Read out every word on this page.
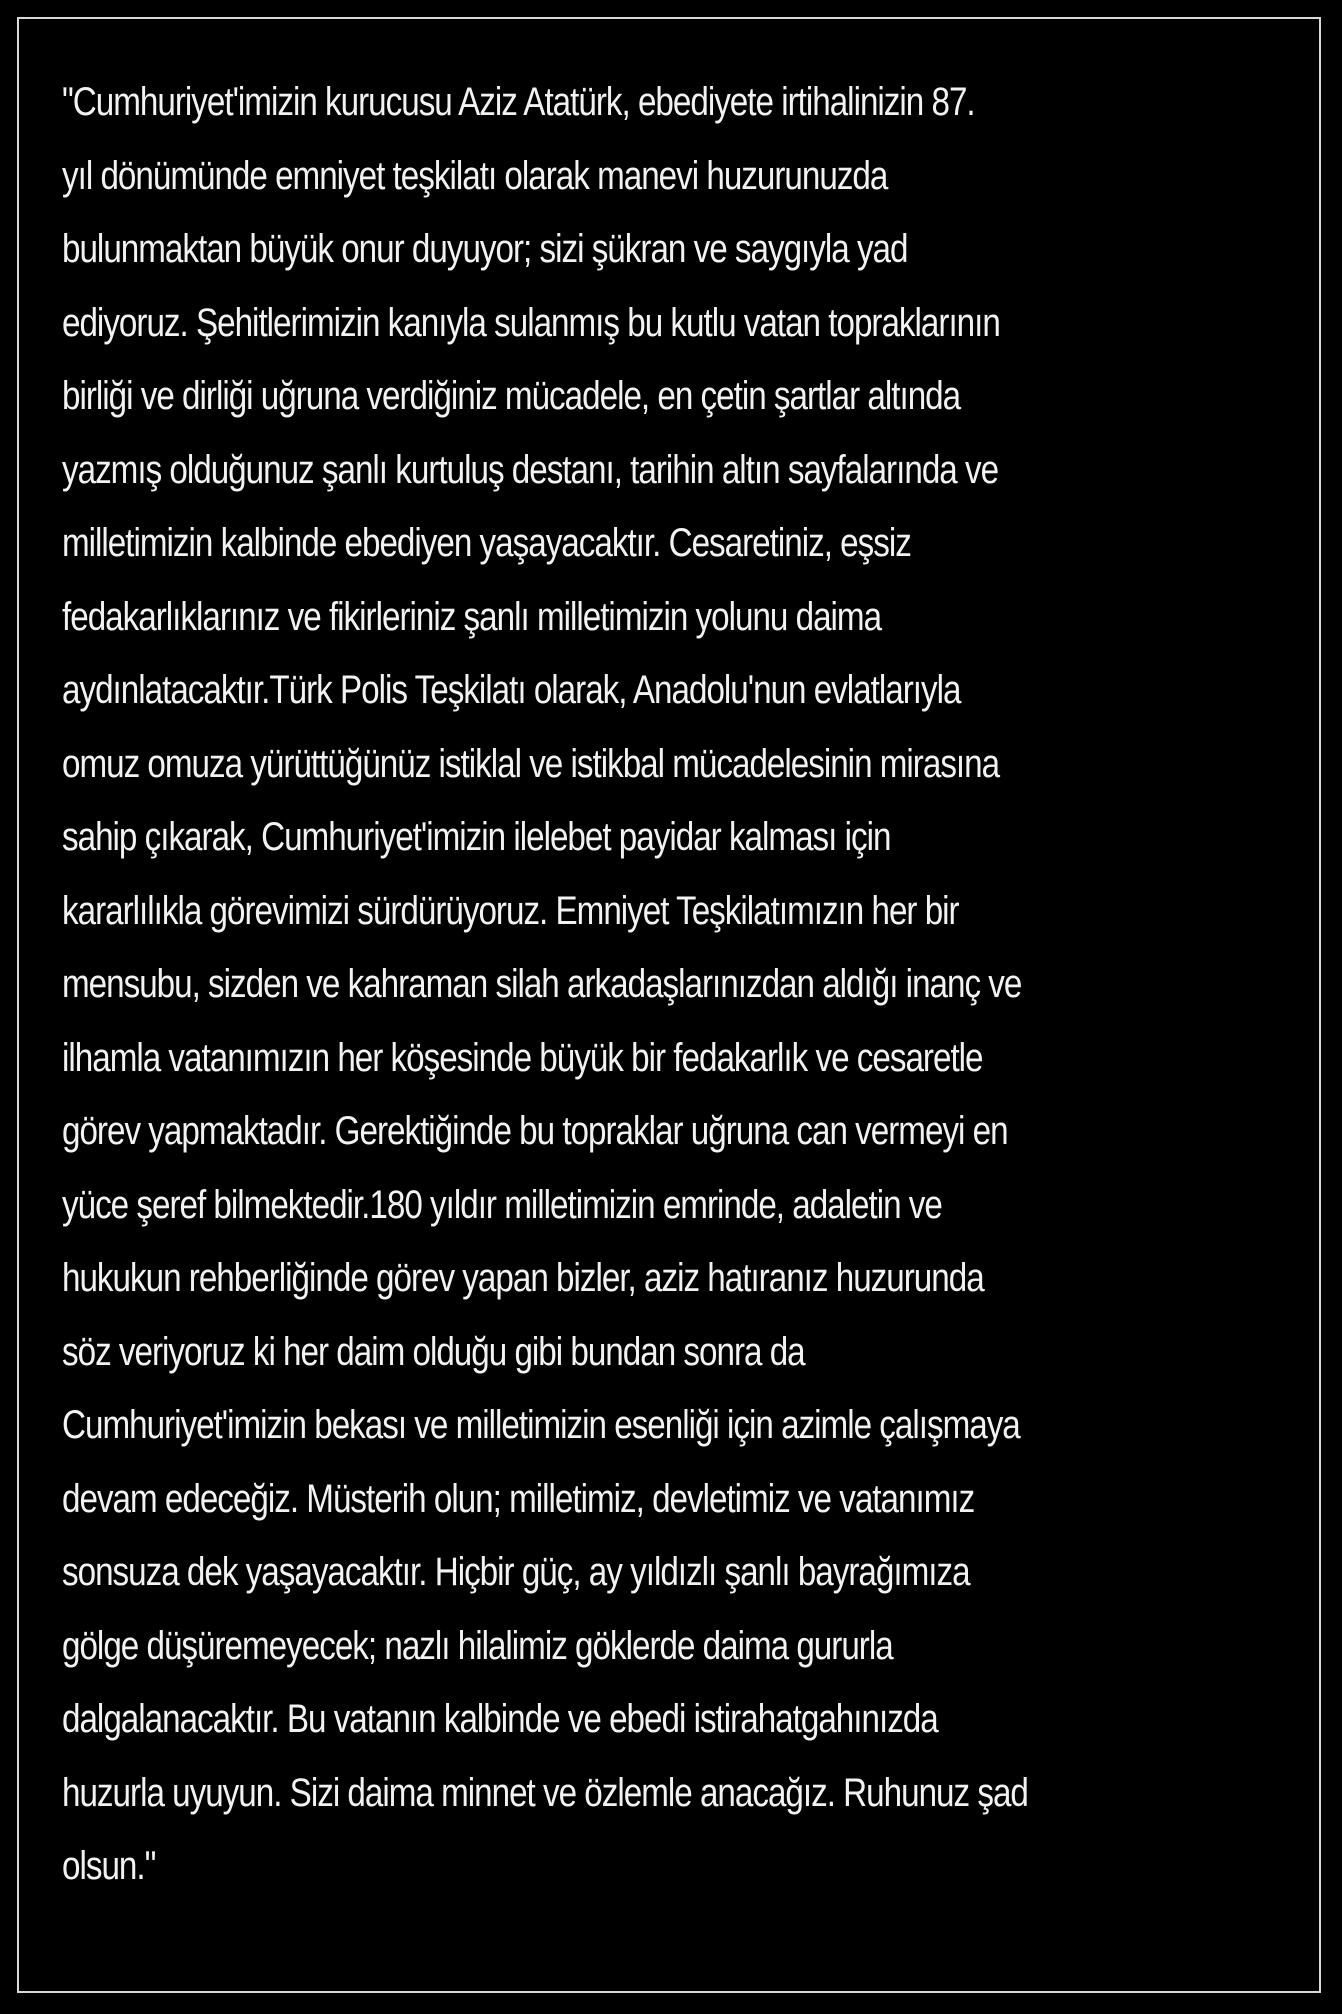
"Cumhuriyet'imizin kurucusu Aziz Atatürk, ebediyete irtihalinizin 87.
yıl dönümünde emniyet teşkilatı olarak manevi huzurunuzda
bulunmaktan büyük onur duyuyor; sizi şükran ve saygıyla yad
ediyoruz. Şehitlerimizin kanıyla sulanmış bu kutlu vatan topraklarının
birliği ve dirliği uğruna verdiğiniz mücadele, en çetin şartlar altında
yazmış olduğunuz şanlı kurtuluş destanı, tarihin altın sayfalarında ve
milletimizin kalbinde ebediyen yaşayacaktır. Cesaretiniz, eşsiz
fedakarlıklarınız ve fikirleriniz şanlı milletimizin yolunu daima
aydınlatacaktır.Türk Polis Teşkilatı olarak, Anadolu'nun evlatlarıyla
omuz omuza yürüttüğünüz istiklal ve istikbal mücadelesinin mirasına
sahip çıkarak, Cumhuriyet'imizin ilelebet payidar kalması için
kararlılıkla görevimizi sürdürüyoruz. Emniyet Teşkilatımızın her bir
mensubu, sizden ve kahraman silah arkadaşlarınızdan aldığı inanç ve
ilhamla vatanımızın her köşesinde büyük bir fedakarlık ve cesaretle
görev yapmaktadır. Gerektiğinde bu topraklar uğruna can vermeyi en
yüce şeref bilmektedir.180 yıldır milletimizin emrinde, adaletin ve
hukukun rehberliğinde görev yapan bizler, aziz hatıranız huzurunda
söz veriyoruz ki her daim olduğu gibi bundan sonra da
Cumhuriyet'imizin bekası ve milletimizin esenliği için azimle çalışmaya
devam edeceğiz. Müsterih olun; milletimiz, devletimiz ve vatanımız
sonsuza dek yaşayacaktır. Hiçbir güç, ay yıldızlı şanlı bayrağımıza
gölge düşüremeyecek; nazlı hilalimiz göklerde daima gururla
dalgalanacaktır. Bu vatanın kalbinde ve ebedi istirahatgahınızda
huzurla uyuyun. Sizi daima minnet ve özlemle anacağız. Ruhunuz şad
olsun."
